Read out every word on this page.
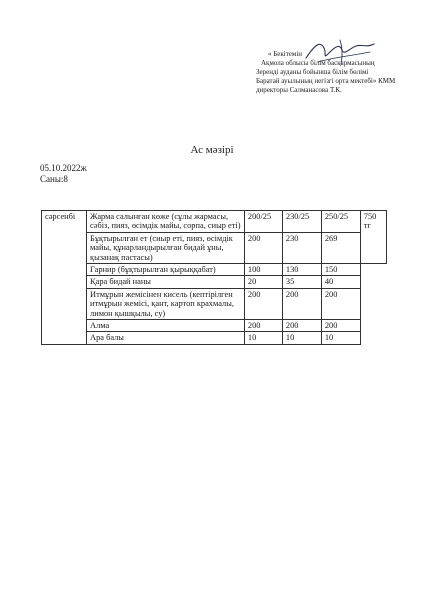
« Бекітемін
Ақмола облысы білім басқармасының
Зеренді ауданы бойынша білім бөлімі
Баратай ауылының негізгі орта мектебі» КММ
директоры Салманасова Т.К.
Ас мәзірі
05.10.2022ж
Саны:8
сәрсенбі	Жарма салынған көже (сұлы жармасы, сәбіз, пияз, өсімдік майы, сорпа, сиыр еті)	200/25	230/25	250/25	750 тг
	Бұқтырылған ет (сиыр еті, пияз, өсімдік майы, құнарландырылған бидай ұны, қызанақ пастасы)	200	230	269	
	Гарнир (бұқтырылған қырыққабат)	100	130	150	
	Қара бидай наны	20	35	40	
	Итмұрын жемісінен кисель (кептірілген итмұрын жемісі, қант, картоп крахмалы, лимон қышқылы, су)	200	200	200	
	Алма	200	200	200	
	Ара балы	10	10	10	
